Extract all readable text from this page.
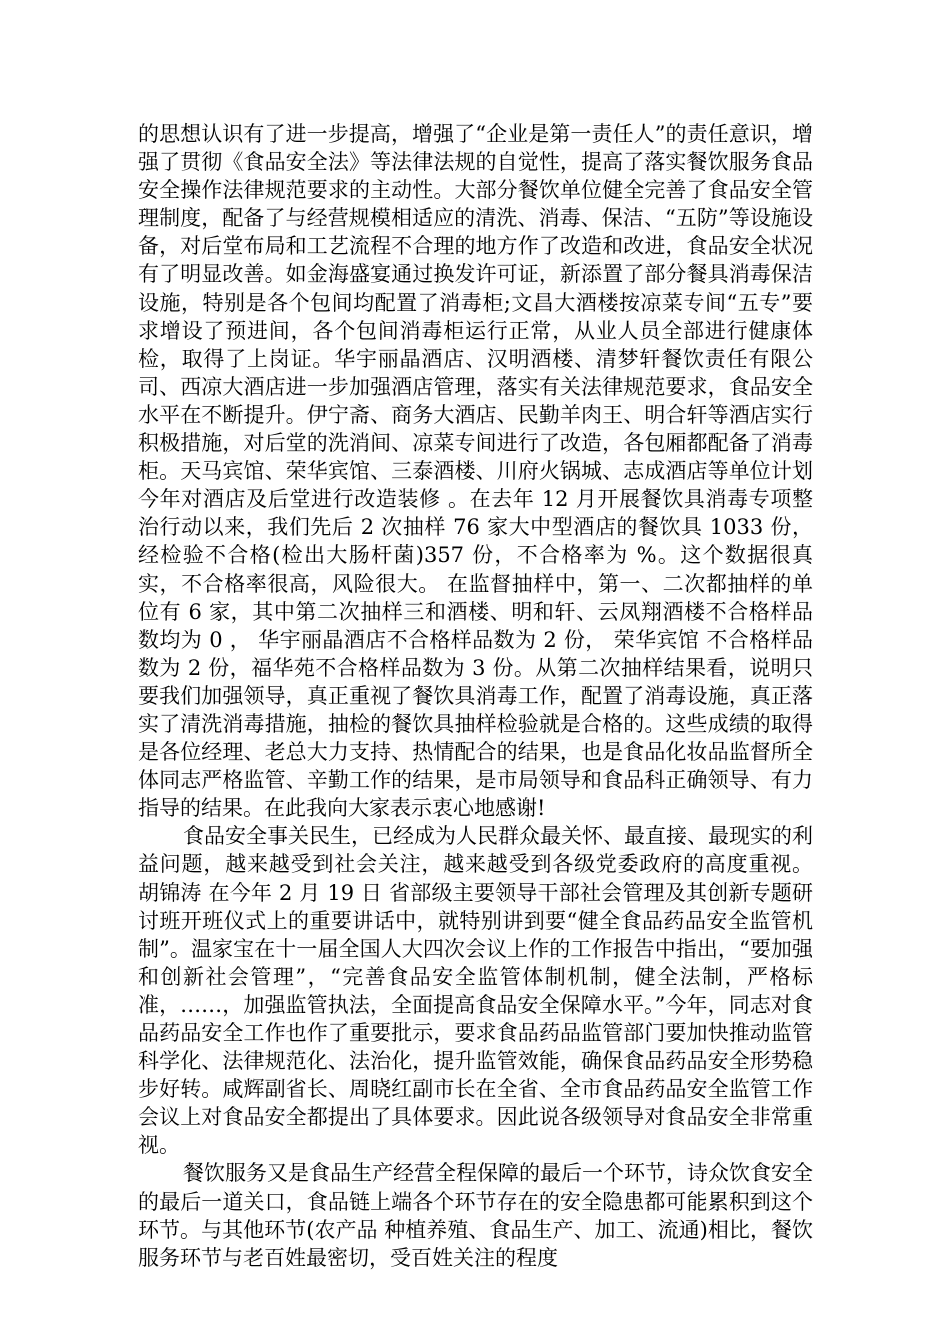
的思想认识有了进一步提高，增强了“企业是第一责任人”的责任意识，增强了贯彻《食品安全法》等法律法规的自觉性，提高了落实餐饮服务食品安全操作法律规范要求的主动性。大部分餐饮单位健全完善了食品安全管理制度，配备了与经营规模相适应的清洗、消毒、保洁、“五防”等设施设备，对后堂布局和工艺流程不合理的地方作了改造和改进，食品安全状况有了明显改善。如金海盛宴通过换发许可证，新添置了部分餐具消毒保洁设施，特别是各个包间均配置了消毒柜;文昌大酒楼按凉菜专间“五专”要求增设了预进间，各个包间消毒柜运行正常，从业人员全部进行健康体检，取得了上岗证。华宇丽晶酒店、汉明酒楼、清梦轩餐饮责任有限公司、西凉大酒店进一步加强酒店管理，落实有关法律规范要求，食品安全水平在不断提升。伊宁斋、商务大酒店、民勤羊肉王、明合轩等酒店实行积极措施，对后堂的洗消间、凉菜专间进行了改造，各包厢都配备了消毒柜。天马宾馆、荣华宾馆、三泰酒楼、川府火锅城、志成酒店等单位计划今年对酒店及后堂进行改造装修 。在去年 12 月开展餐饮具消毒专项整治行动以来，我们先后 2 次抽样 76 家大中型酒店的餐饮具 1033 份，经检验不合格(检出大肠杆菌)357 份，不合格率为 %。这个数据很真实，不合格率很高，风险很大。 在监督抽样中，第一、二次都抽样的单位有 6 家，其中第二次抽样三和酒楼、明和轩、云凤翔酒楼不合格样品数均为 0 ， 华宇丽晶酒店不合格样品数为 2 份， 荣华宾馆 不合格样品数为 2 份，福华苑不合格样品数为 3 份。从第二次抽样结果看，说明只要我们加强领导，真正重视了餐饮具消毒工作，配置了消毒设施，真正落实了清洗消毒措施，抽检的餐饮具抽样检验就是合格的。这些成绩的取得是各位经理、老总大力支持、热情配合的结果，也是食品化妆品监督所全体同志严格监管、辛勤工作的结果，是市局领导和食品科正确领导、有力指导的结果。在此我向大家表示衷心地感谢!

食品安全事关民生，已经成为人民群众最关怀、最直接、最现实的利益问题，越来越受到社会关注，越来越受到各级党委政府的高度重视。 胡锦涛 在今年 2 月 19 日 省部级主要领导干部社会管理及其创新专题研讨班开班仪式上的重要讲话中，就特别讲到要“健全食品药品安全监管机制”。温家宝在十一届全国人大四次会议上作的工作报告中指出，“要加强和创新社会管理”，“完善食品安全监管体制机制，健全法制，严格标准，……，加强监管执法，全面提高食品安全保障水平。”今年，同志对食品药品安全工作也作了重要批示，要求食品药品监管部门要加快推动监管科学化、法律规范化、法治化，提升监管效能，确保食品药品安全形势稳步好转。咸辉副省长、周晓红副市长在全省、全市食品药品安全监管工作会议上对食品安全都提出了具体要求。因此说各级领导对食品安全非常重视。

餐饮服务又是食品生产经营全程保障的最后一个环节，诗众饮食安全的最后一道关口，食品链上端各个环节存在的安全隐患都可能累积到这个环节。与其他环节(农产品 种植养殖、食品生产、加工、流通)相比，餐饮服务环节与老百姓最密切，受百姓关注的程度
